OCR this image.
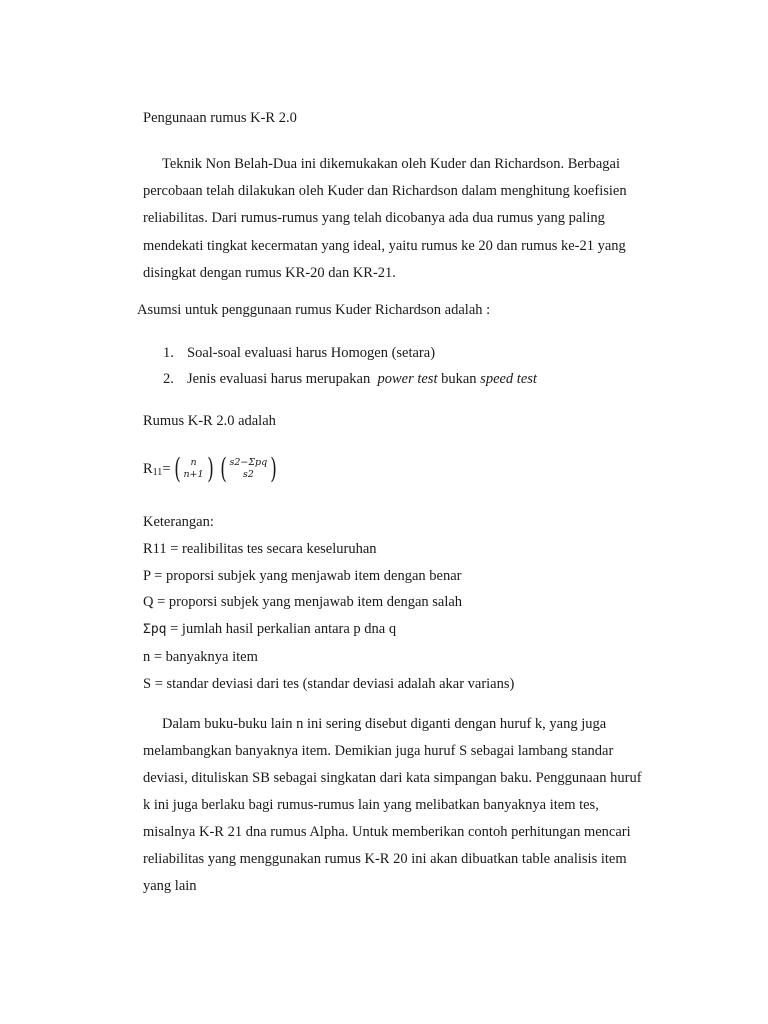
Pengunaan rumus K-R 2.0
Teknik Non Belah-Dua ini dikemukakan oleh Kuder dan Richardson. Berbagai
percobaan telah dilakukan oleh Kuder dan Richardson dalam menghitung koefisien
reliabilitas. Dari rumus-rumus yang telah dicobanya ada dua rumus yang paling
mendekati tingkat kecermatan yang ideal, yaitu rumus ke 20 dan rumus ke-21 yang
disingkat dengan rumus KR-20 dan KR-21.
Asumsi untuk penggunaan rumus Kuder Richardson adalah :
1. Soal-soal evaluasi harus Homogen (setara)
2. Jenis evaluasi harus merupakan  power test bukan speed test
Rumus K-R 2.0 adalah
R 11 = ( n
n+1 ) ( s2−Σpq
s2 )
Keterangan:
R11 = realibilitas tes secara keseluruhan
P = proporsi subjek yang menjawab item dengan benar
Q = proporsi subjek yang menjawab item dengan salah
Σpq = jumlah hasil perkalian antara p dna q
n = banyaknya item
S = standar deviasi dari tes (standar deviasi adalah akar varians)
Dalam buku-buku lain n ini sering disebut diganti dengan huruf k, yang juga
melambangkan banyaknya item. Demikian juga huruf S sebagai lambang standar
deviasi, dituliskan SB sebagai singkatan dari kata simpangan baku. Penggunaan huruf
k ini juga berlaku bagi rumus-rumus lain yang melibatkan banyaknya item tes,
misalnya K-R 21 dna rumus Alpha. Untuk memberikan contoh perhitungan mencari
reliabilitas yang menggunakan rumus K-R 20 ini akan dibuatkan table analisis item
yang lain
